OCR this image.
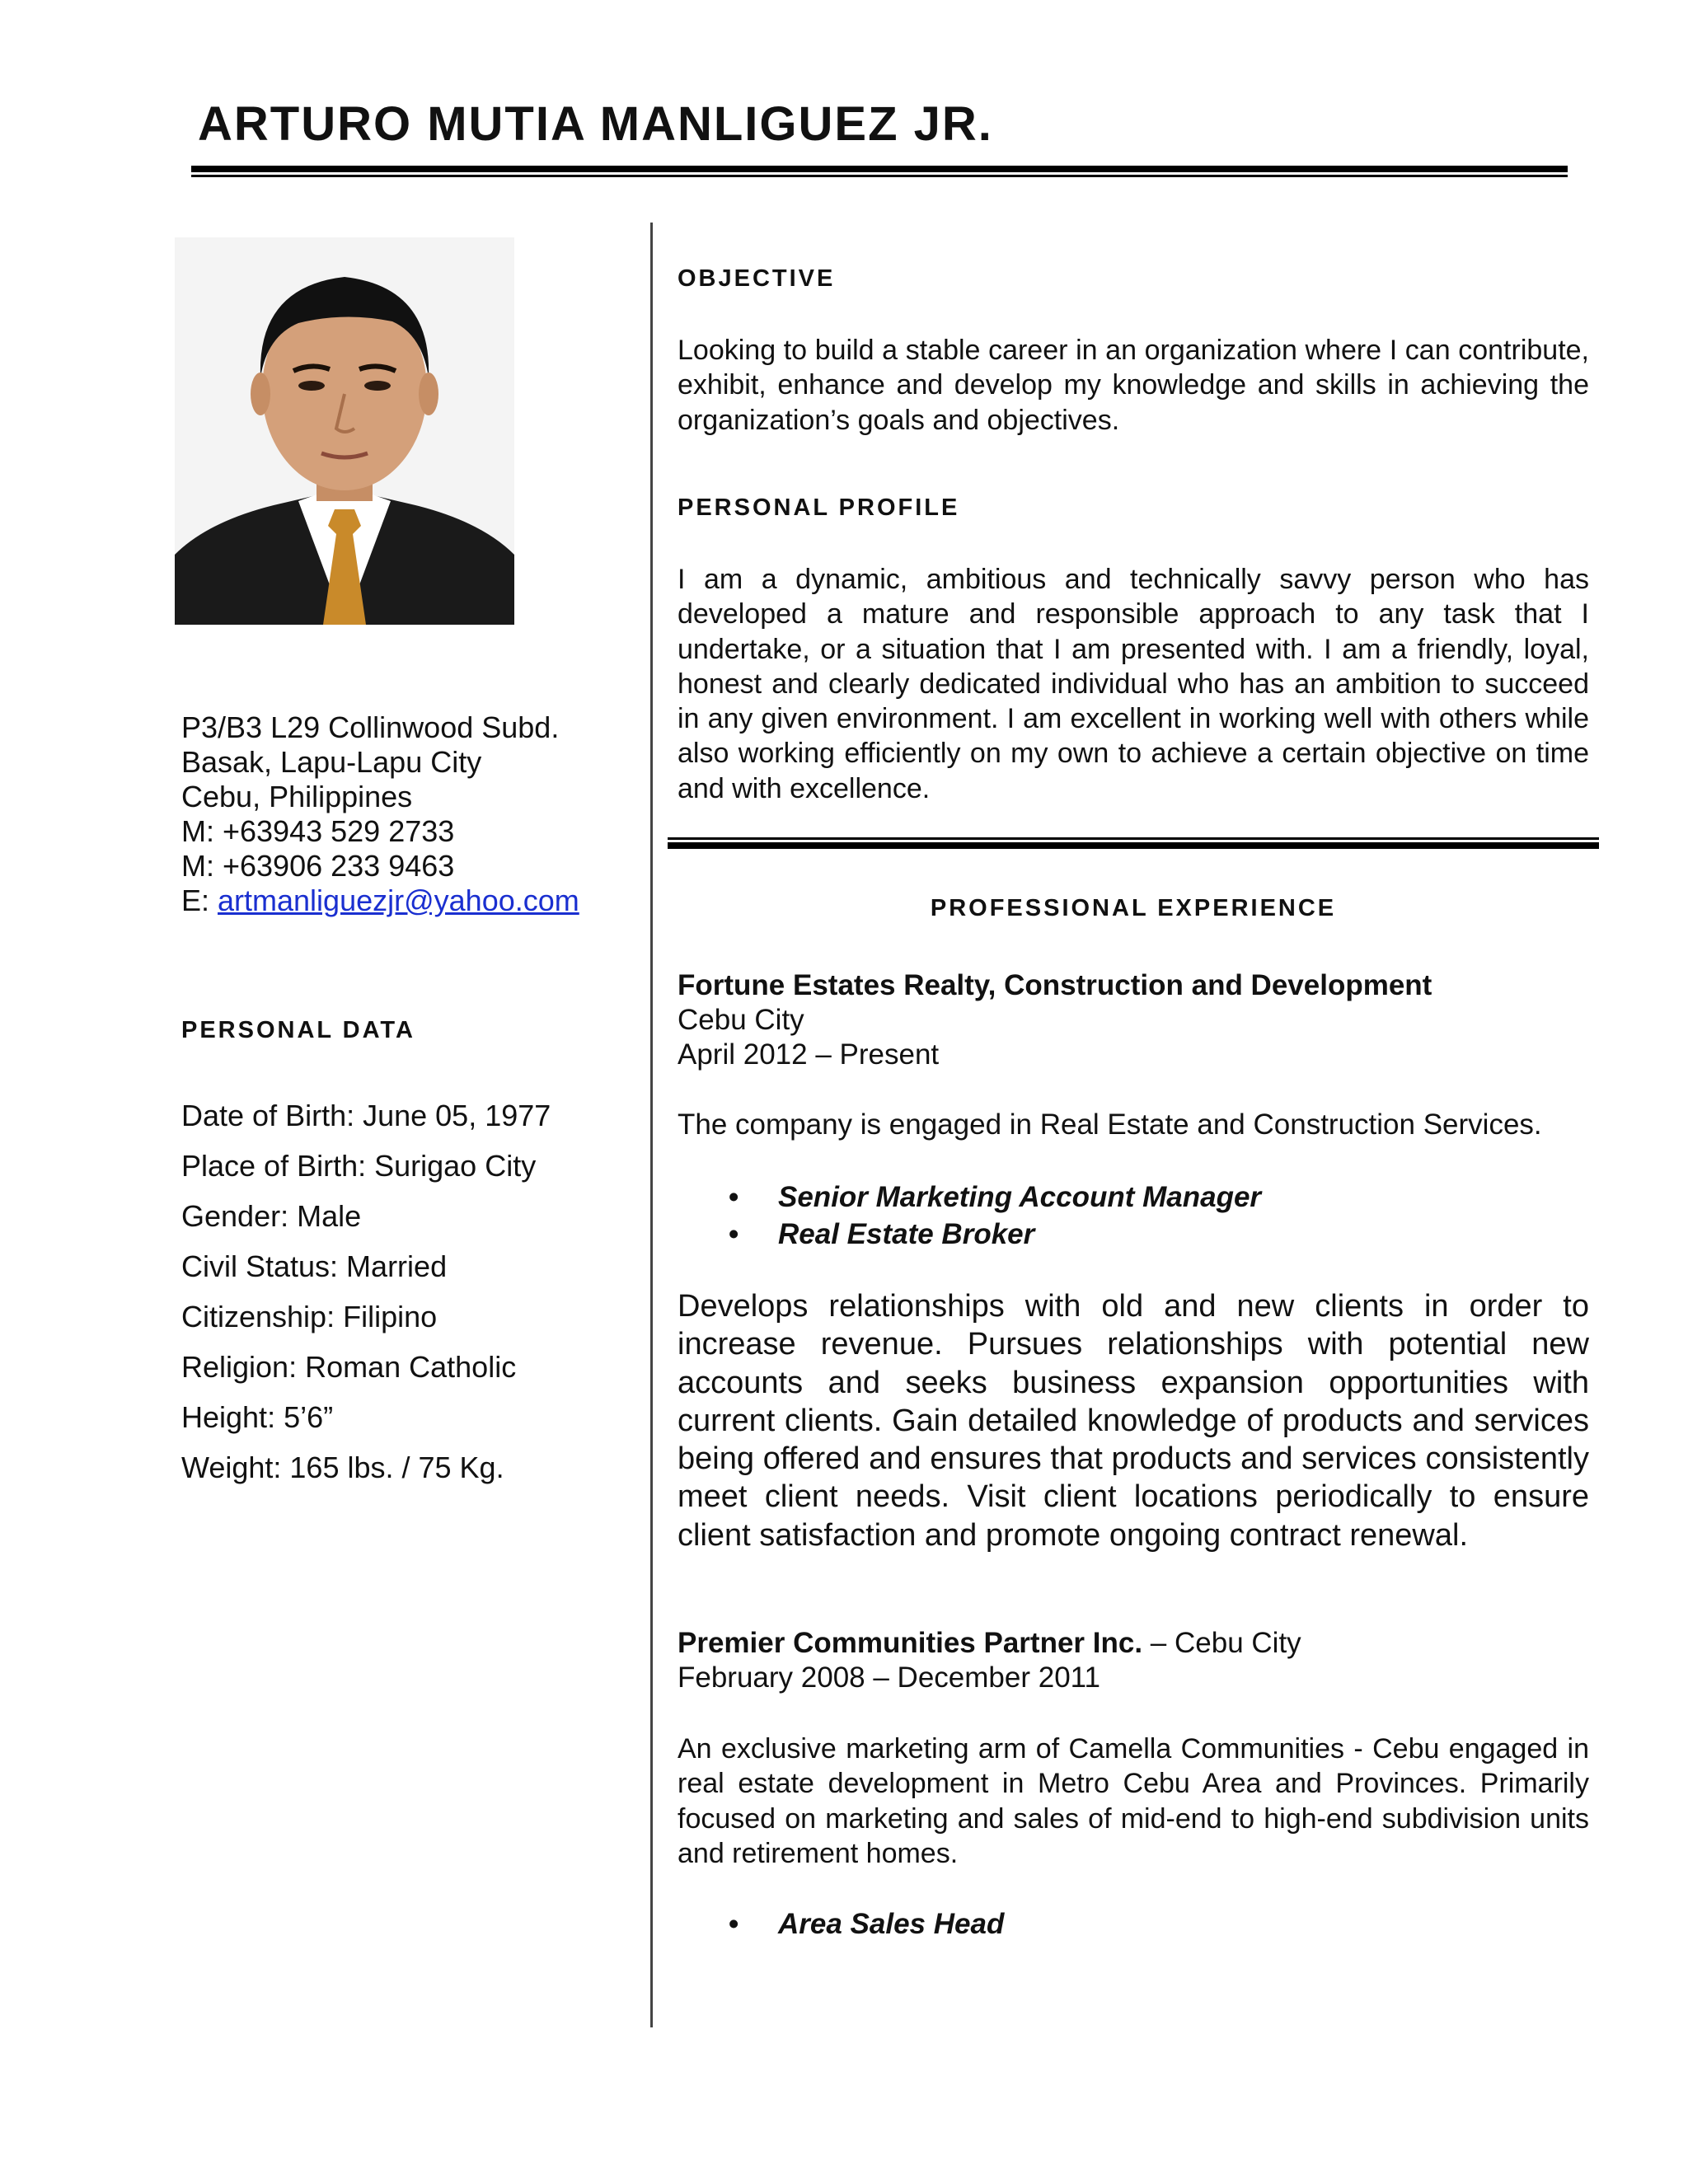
ARTURO MUTIA MANLIGUEZ JR.
P3/B3 L29 Collinwood Subd.
Basak, Lapu-Lapu City
Cebu, Philippines
M: +63943 529 2733
M: +63906 233 9463
E: artmanliguezjr@yahoo.com
PERSONAL DATA
Date of Birth: June 05, 1977
Place of Birth: Surigao City
Gender: Male
Civil Status: Married
Citizenship: Filipino
Religion: Roman Catholic
Height: 5’6”
Weight: 165 lbs. / 75 Kg.
OBJECTIVE

Looking to build a stable career in an organization where I can contribute, exhibit, enhance and develop my knowledge and skills in achieving the organization’s goals and objectives.

PERSONAL PROFILE

I am a dynamic, ambitious and technically savvy person who has developed a mature and responsible approach to any task that I undertake, or a situation that I am presented with. I am a friendly, loyal, honest and clearly dedicated individual who has an ambition to succeed in any given environment. I am excellent in working well with others while also working efficiently on my own to achieve a certain objective on time and with excellence.

PROFESSIONAL EXPERIENCE
Fortune Estates Realty, Construction and Development
Cebu City
April 2012 – Present
The company is engaged in Real Estate and Construction Services.
• Senior Marketing Account Manager
• Real Estate Broker

Develops relationships with old and new clients in order to increase revenue. Pursues relationships with potential new accounts and seeks business expansion opportunities with current clients. Gain detailed knowledge of products and services being offered and ensures that products and services consistently meet client needs. Visit client locations periodically to ensure client satisfaction and promote ongoing contract renewal.

Premier Communities Partner Inc. – Cebu City
February 2008 – December 2011

An exclusive marketing arm of Camella Communities - Cebu engaged in real estate development in Metro Cebu Area and Provinces. Primarily focused on marketing and sales of mid-end to high-end subdivision units and retirement homes.

• Area Sales Head
